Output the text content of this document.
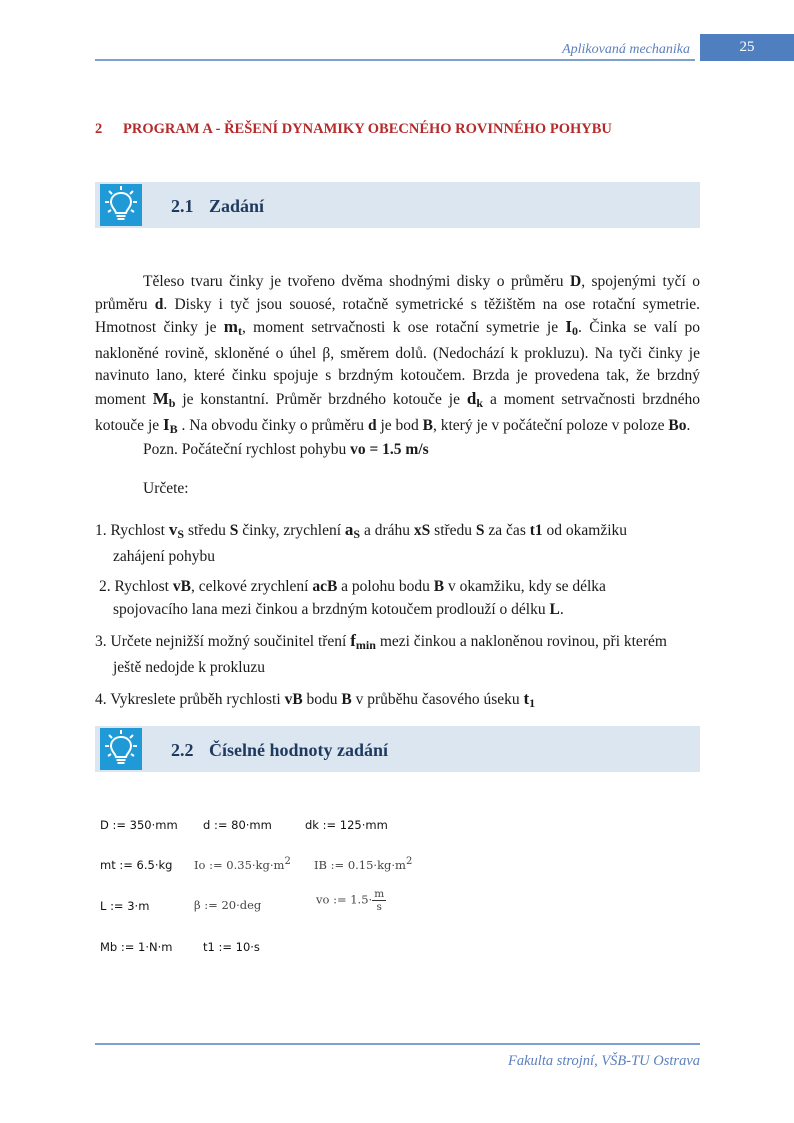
Aplikovaná mechanika	25
2 PROGRAM A - ŘEŠENÍ DYNAMIKY OBECNÉHO ROVINNÉHO POHYBU
2.1 Zadání
Těleso tvaru činky je tvořeno dvěma shodnými disky o průměru D, spojenými tyčí o průměru d. Disky i tyč jsou souosé, rotačně symetrické s těžištěm na ose rotační symetrie. Hmotnost činky je $m_t$, moment setrvačnosti k ose rotační symetrie je $I_0$. Činka se valí po nakloněné rovině, skloněné o úhel β, směrem dolů. (Nedochází k prokluzu). Na tyči činky je navinuto lano, které činku spojuje s brzdným kotoučem. Brzda je provedena tak, že brzdný moment $M_b$ je konstantní. Průměr brzdného kotouče je $d_k$ a moment setrvačnosti brzdného kotouče je $I_B$ . Na obvodu činky o průměru d je bod B, který je v počáteční poloze v poloze Bo.
Pozn. Počáteční rychlost pohybu vo = 1.5 m/s
Určete:
1. Rychlost $v_S$ středu S činky, zrychlení $a_S$ a dráhu xS středu S za čas t1 od okamžiku
zahájení pohybu
2. Rychlost vB, celkové zrychlení acB a polohu bodu B v okamžiku, kdy se délka
spojovacího lana mezi činkou a brzdným kotoučem prodlouží o délku L.
3. Určete nejnižší možný součinitel tření $f_{min}$ mezi činkou a nakloněnou rovinou, při kterém
ještě nedojde k prokluzu
4. Vykreslete průběh rychlosti vB bodu B v průběhu časového úseku $t_1$
2.2 Číselné hodnoty zadání
D := 350·mm d := 80·mm	dk := 125·mm
mt := 6.5·kg Io := $0.35\cdot kg\cdot m^2$ IB := $0.15\cdot kg\cdot m^2$
L := 3·m	β := 20·deg	vo := $1.5\cdot \frac{m}{s}$
Mb := 1·N·m	t1 := 10·s
Fakulta strojní, VŠB-TU Ostrava
